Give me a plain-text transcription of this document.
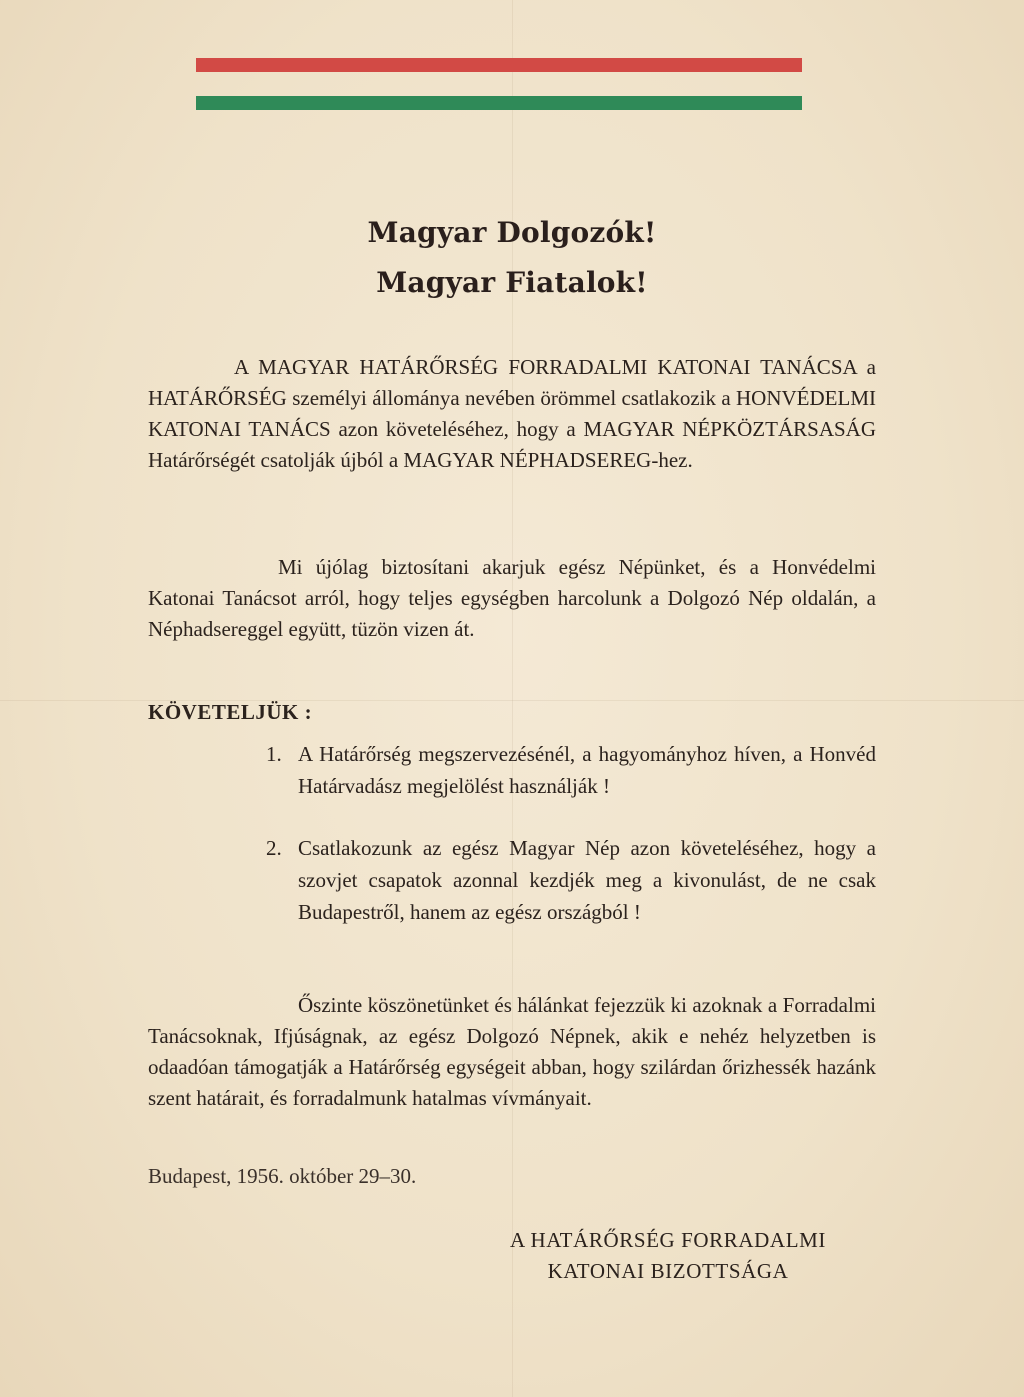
Magyar Dolgozók!
Magyar Fiatalok!
A MAGYAR HATÁRŐRSÉG FORRADALMI KATONAI TANÁCSA a HATÁRŐRSÉG személyi állománya nevében örömmel csatlakozik a HONVÉDELMI KATONAI TANÁCS azon követeléséhez, hogy a MAGYAR NÉPKÖZTÁRSASÁG Határőrségét csatolják újból a MAGYAR NÉPHADSEREG-hez.
Mi újólag biztosítani akarjuk egész Népünket, és a Honvédelmi Katonai Tanácsot arról, hogy teljes egységben harcolunk a Dolgozó Nép oldalán, a Néphadsereggel együtt, tüzön vizen át.
KÖVETELJÜK :
1. A Határőrség megszervezésénél, a hagyományhoz híven, a Honvéd Határvadász megjelölést használják !
2. Csatlakozunk az egész Magyar Nép azon követeléséhez, hogy a szovjet csapatok azonnal kezdjék meg a kivonulást, de ne csak Budapestről, hanem az egész országból !
Őszinte köszönetünket és hálánkat fejezzük ki azoknak a Forradalmi Tanácsoknak, Ifjúságnak, az egész Dolgozó Népnek, akik e nehéz helyzetben is odaadóan támogatják a Határőrség egységeit abban, hogy szilárdan őrizhessék hazánk szent határait, és forradalmunk hatalmas vívmányait.
Budapest, 1956. október 29–30.
A HATÁRŐRSÉG FORRADALMI
KATONAI BIZOTTSÁGA
